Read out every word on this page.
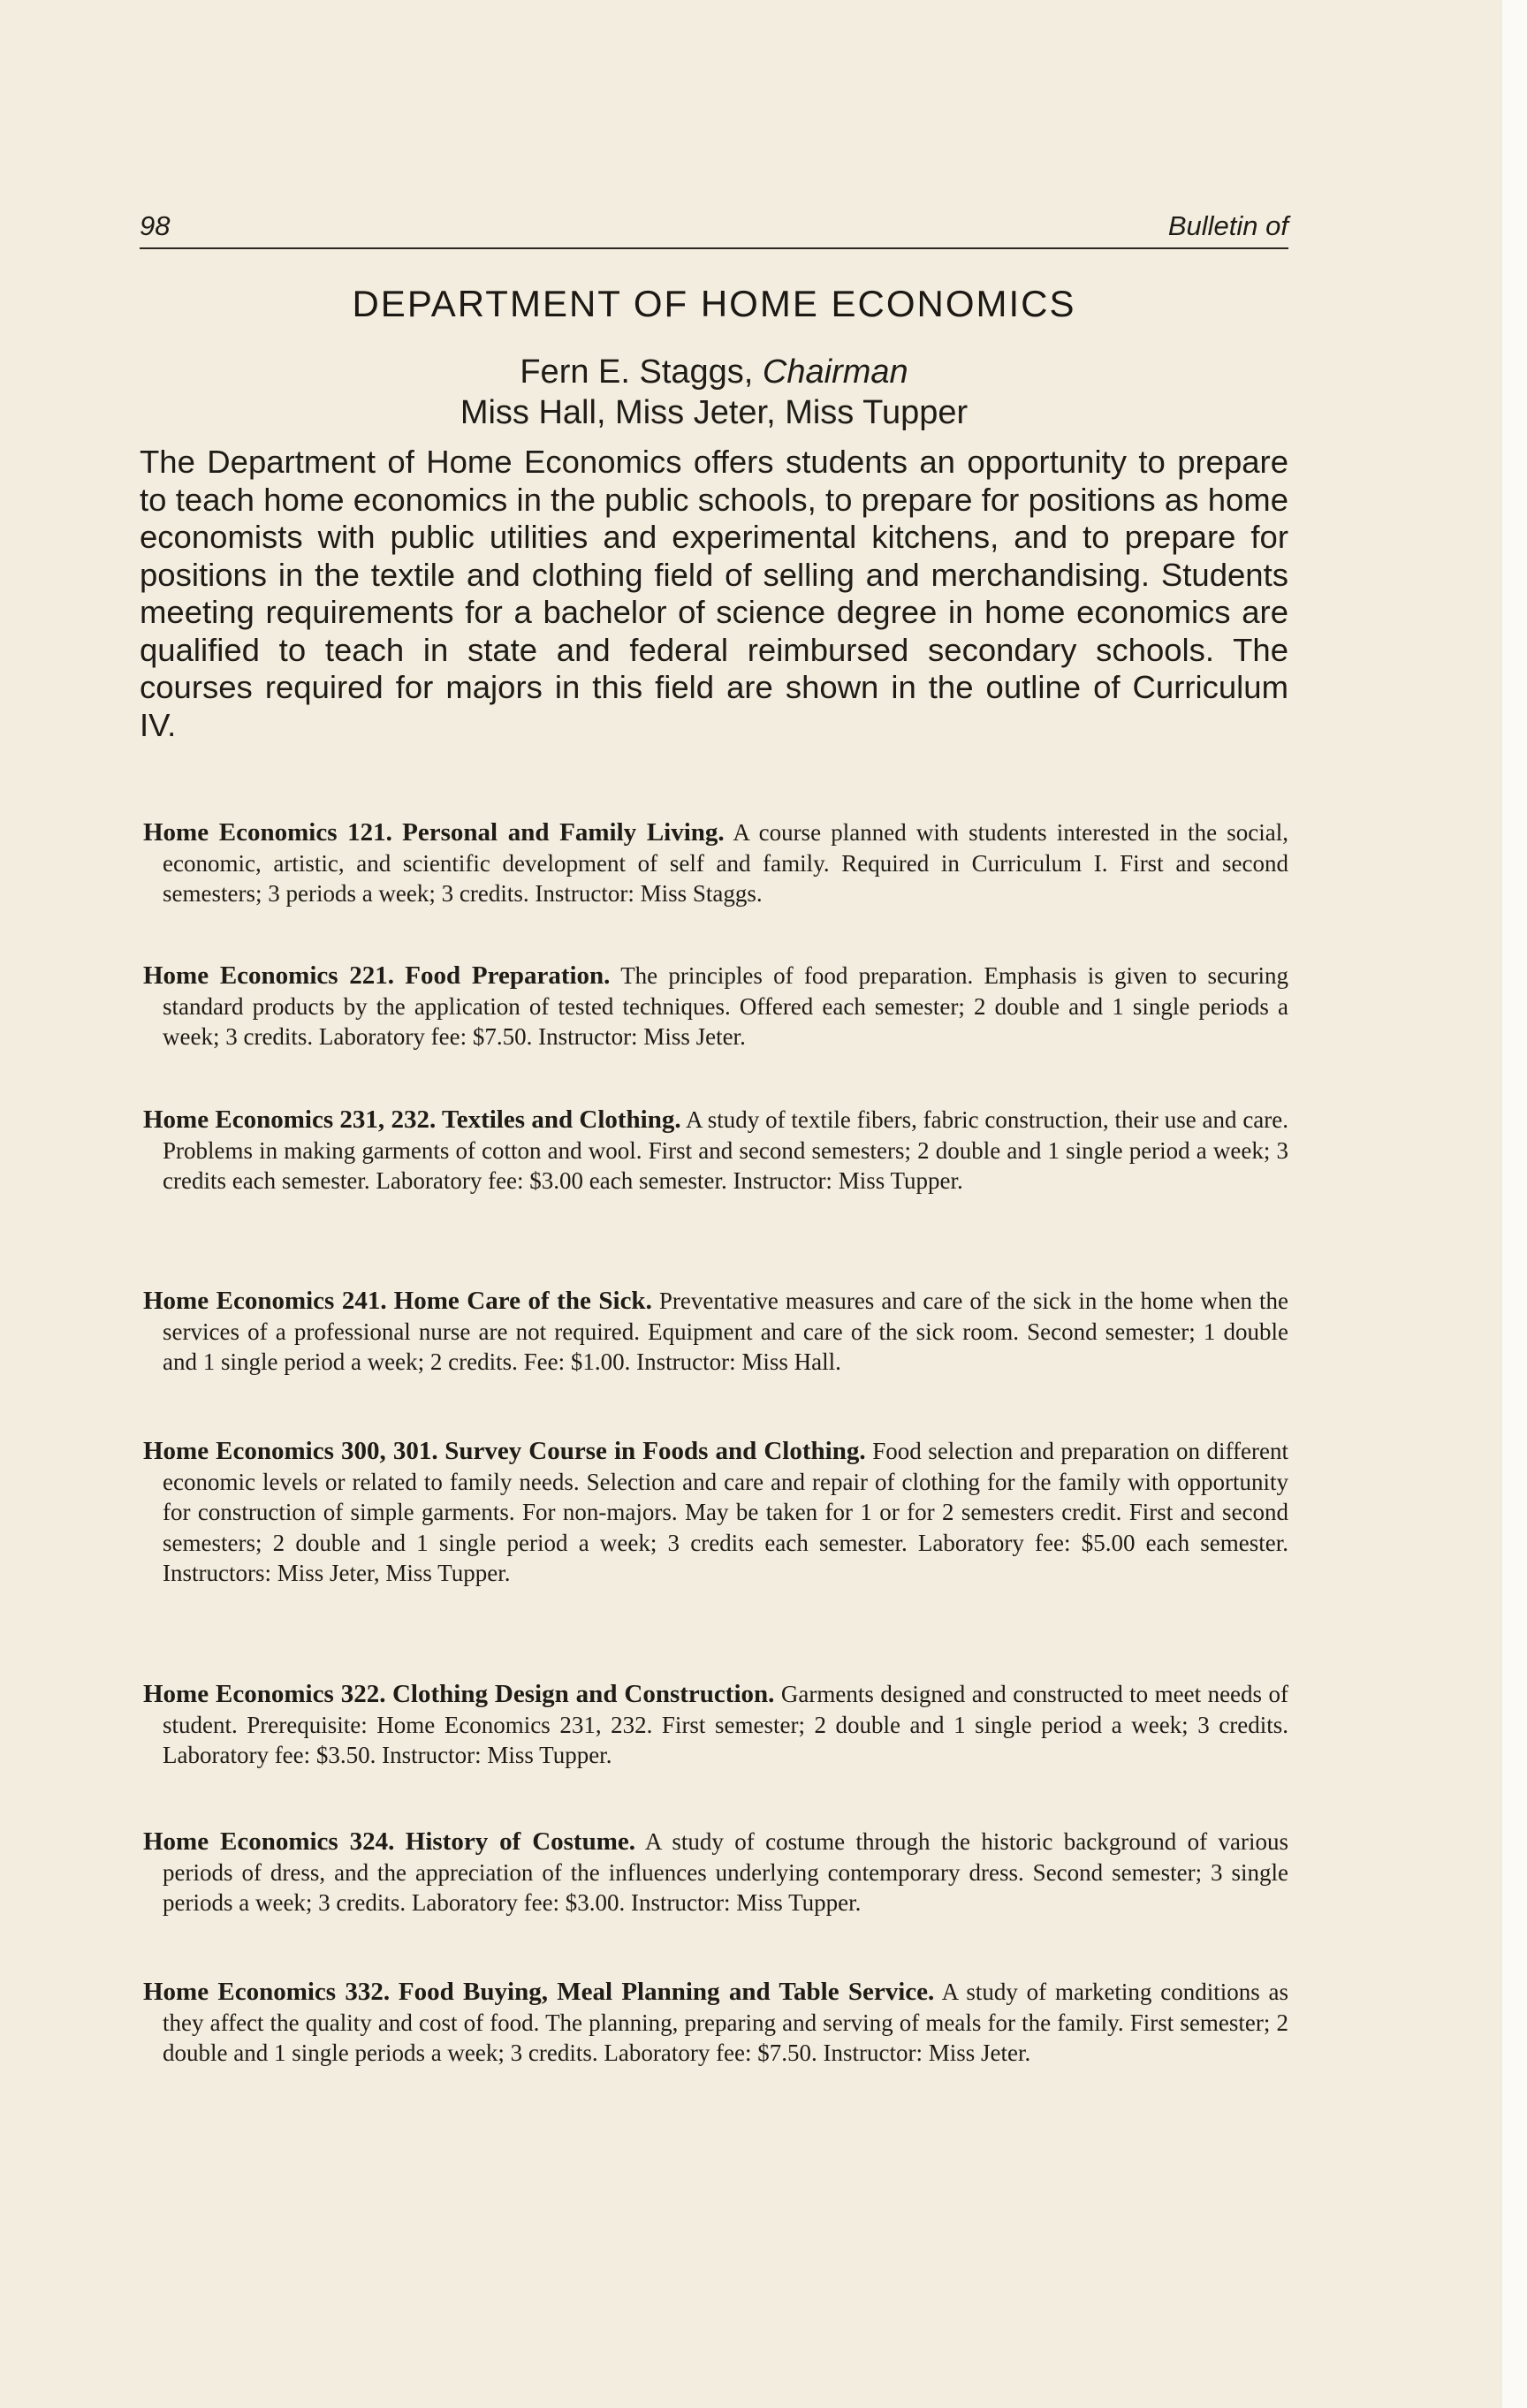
98	Bulletin of
DEPARTMENT OF HOME ECONOMICS
Fern E. Staggs, Chairman
Miss Hall, Miss Jeter, Miss Tupper

The Department of Home Economics offers students an opportunity to prepare to teach home economics in the public schools, to prepare for positions as home economists with public utilities and experimental kitchens, and to prepare for positions in the textile and clothing field of selling and merchandising. Students meeting requirements for a bachelor of science degree in home economics are qualified to teach in state and federal reimbursed secondary schools. The courses required for majors in this field are shown in the outline of Curriculum IV.

Home Economics 121. Personal and Family Living. A course planned with students interested in the social, economic, artistic, and scientific development of self and family. Required in Curriculum I. First and second semesters; 3 periods a week; 3 credits. Instructor: Miss Staggs.

Home Economics 221. Food Preparation. The principles of food preparation. Emphasis is given to securing standard products by the application of tested techniques. Offered each semester; 2 double and 1 single periods a week; 3 credits. Laboratory fee: $7.50. Instructor: Miss Jeter.

Home Economics 231, 232. Textiles and Clothing. A study of textile fibers, fabric construction, their use and care. Problems in making garments of cotton and wool. First and second semesters; 2 double and 1 single period a week; 3 credits each semester. Laboratory fee: $3.00 each semester. Instructor: Miss Tupper.

Home Economics 241. Home Care of the Sick. Preventative measures and care of the sick in the home when the services of a professional nurse are not required. Equipment and care of the sick room. Second semester; 1 double and 1 single period a week; 2 credits. Fee: $1.00. Instructor: Miss Hall.

Home Economics 300, 301. Survey Course in Foods and Clothing. Food selection and preparation on different economic levels or related to family needs. Selection and care and repair of clothing for the family with opportunity for construction of simple garments. For non-majors. May be taken for 1 or for 2 semesters credit. First and second semesters; 2 double and 1 single period a week; 3 credits each semester. Laboratory fee: $5.00 each semester. Instructors: Miss Jeter, Miss Tupper.

Home Economics 322. Clothing Design and Construction. Garments designed and constructed to meet needs of student. Prerequisite: Home Economics 231, 232. First semester; 2 double and 1 single period a week; 3 credits. Laboratory fee: $3.50. Instructor: Miss Tupper.

Home Economics 324. History of Costume. A study of costume through the historic background of various periods of dress, and the appreciation of the influences underlying contemporary dress. Second semester; 3 single periods a week; 3 credits. Laboratory fee: $3.00. Instructor: Miss Tupper.

Home Economics 332. Food Buying, Meal Planning and Table Service. A study of marketing conditions as they affect the quality and cost of food. The planning, preparing and serving of meals for the family. First semester; 2 double and 1 single periods a week; 3 credits. Laboratory fee: $7.50. Instructor: Miss Jeter.
